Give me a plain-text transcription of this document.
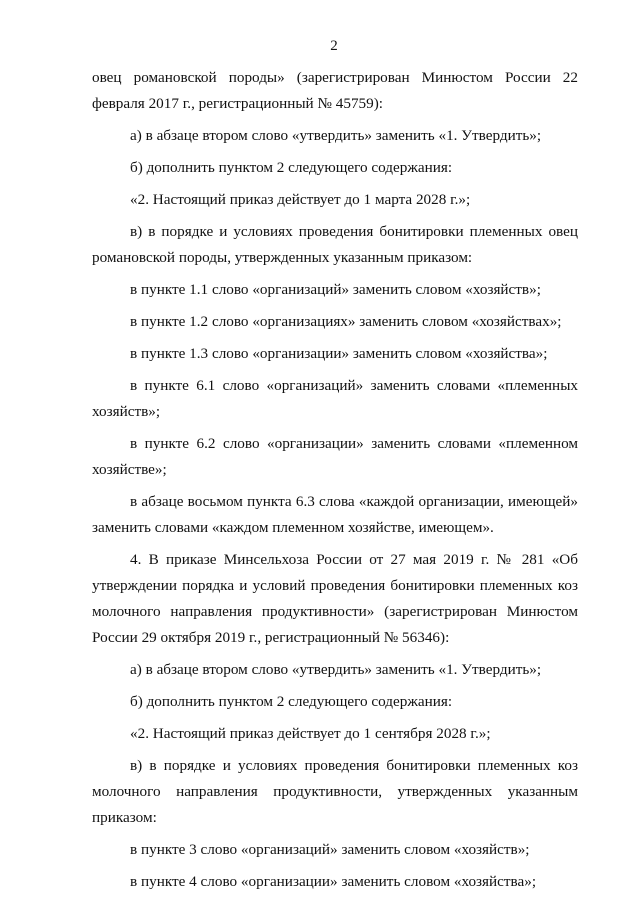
2

овец романовской породы» (зарегистрирован Минюстом России 22 февраля 2017 г., регистрационный № 45759):

а) в абзаце втором слово «утвердить» заменить «1. Утвердить»;

б) дополнить пунктом 2 следующего содержания:

«2. Настоящий приказ действует до 1 марта 2028 г.»;

в) в порядке и условиях проведения бонитировки племенных овец романовской породы, утвержденных указанным приказом:

в пункте 1.1 слово «организаций» заменить словом «хозяйств»;

в пункте 1.2 слово «организациях» заменить словом «хозяйствах»;

в пункте 1.3 слово «организации» заменить словом «хозяйства»;

в пункте 6.1 слово «организаций» заменить словами «племенных хозяйств»;

в пункте 6.2 слово «организации» заменить словами «племенном хозяйстве»;

в абзаце восьмом пункта 6.3 слова «каждой организации, имеющей» заменить словами «каждом племенном хозяйстве, имеющем».

4. В приказе Минсельхоза России от 27 мая 2019 г. № 281 «Об утверждении порядка и условий проведения бонитировки племенных коз молочного направления продуктивности» (зарегистрирован Минюстом России 29 октября 2019 г., регистрационный № 56346):

а) в абзаце втором слово «утвердить» заменить «1. Утвердить»;

б) дополнить пунктом 2 следующего содержания:

«2. Настоящий приказ действует до 1 сентября 2028 г.»;

в) в порядке и условиях проведения бонитировки племенных коз молочного направления продуктивности, утвержденных указанным приказом:

в пункте 3 слово «организаций» заменить словом «хозяйств»;

в пункте 4 слово «организации» заменить словом «хозяйства»;
